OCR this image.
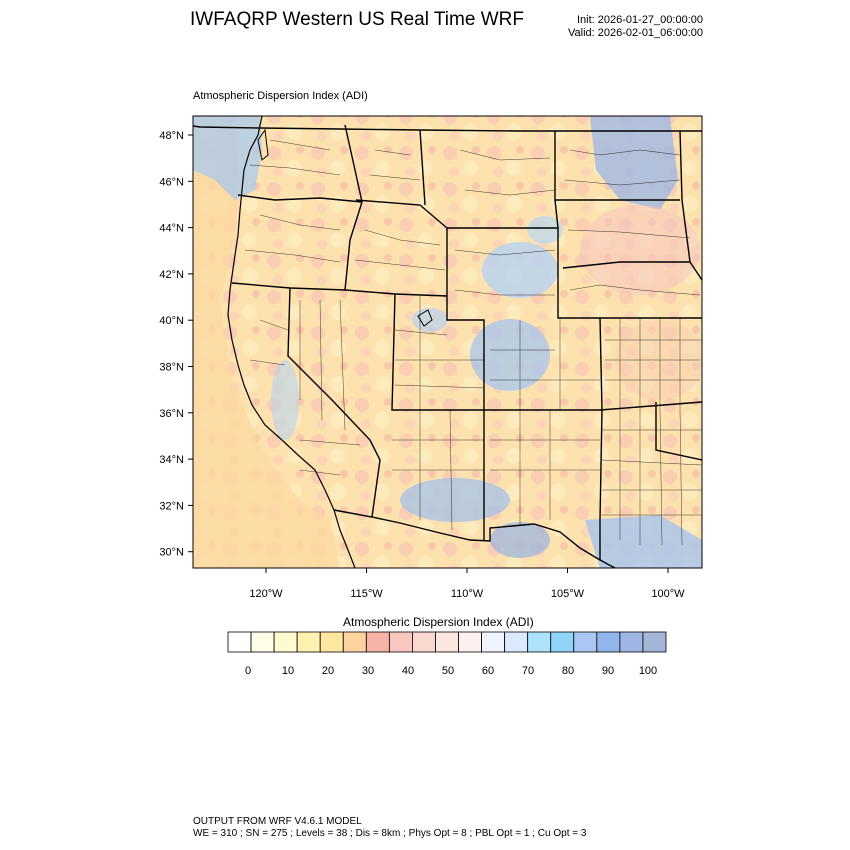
IWFAQRP Western US Real Time WRF	Init: 2026-01-27_00:00:00
Valid: 2026-02-01_06:00:00
Atmospheric Dispersion Index (ADI)
48°N
46°N
44°N
42°N
40°N
38°N
36°N
34°N
32°N
30°N
120°W	115°W	110°W	105°W	100°W
0	10	20	30	40	50	60	70	80	90 100
Atmospheric Dispersion Index (ADI)
OUTPUT FROM WRF V4.6.1 MODEL
WE = 310 ; SN = 275 ; Levels = 38 ; Dis = 8km ; Phys Opt = 8 ; PBL Opt = 1 ; Cu Opt = 3
